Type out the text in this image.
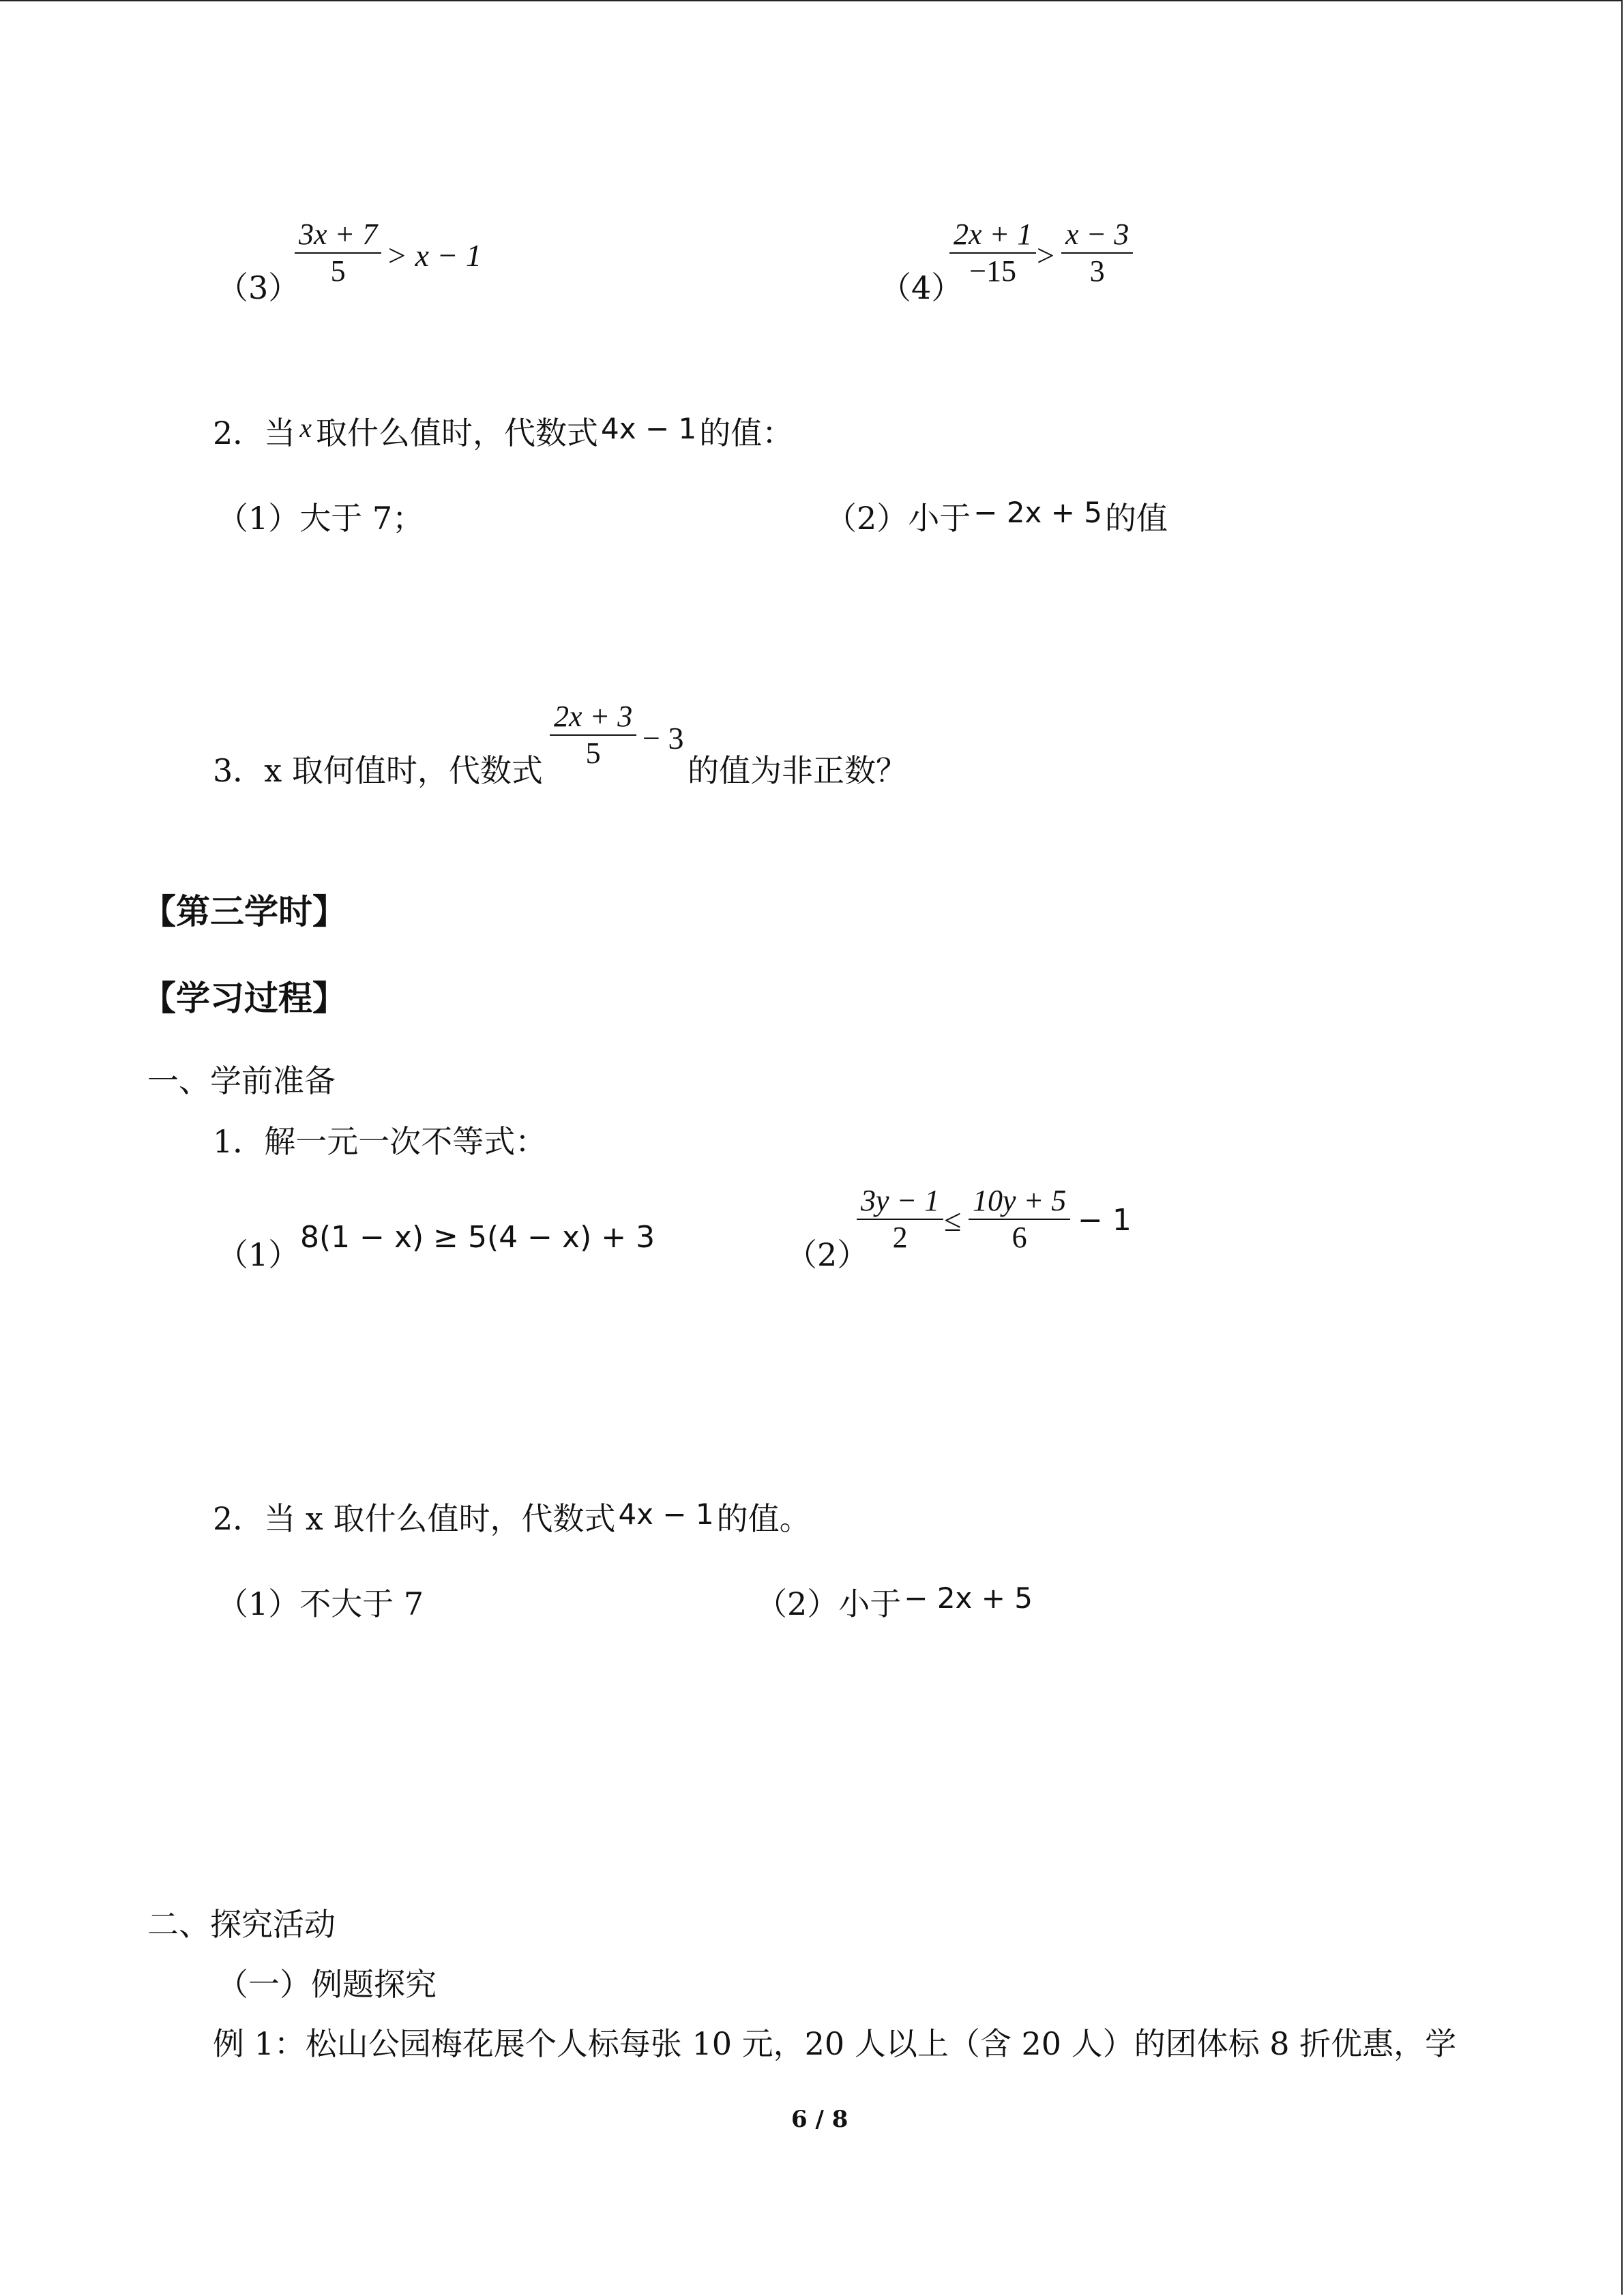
（3）
3x + 7
5	> x − 1
（4）
2x + 1
−15 >
x − 3
3
2．当 x 取什么值时，代数式4x − 1的值：
（1）大于 7；	（2）小于− 2x + 5的值
3．x 取何值时，代数式
2x + 3
5	− 3
的值为非正数？
【第三学时】
【学习过程】
一、学前准备
1．解一元一次不等式：
（1） 8(1 − x) ≥ 5(4 − x) + 3	（2）
3y − 1
2	≤
10y + 5
6	− 1
2．当 x 取什么值时，代数式4x − 1的值。
（1）不大于 7	（2）小于− 2x + 5
二、探究活动
（一）例题探究
例 1：松山公园梅花展个人标每张 10 元，20 人以上（含 20 人）的团体标 8 折优惠，学
6 / 8
